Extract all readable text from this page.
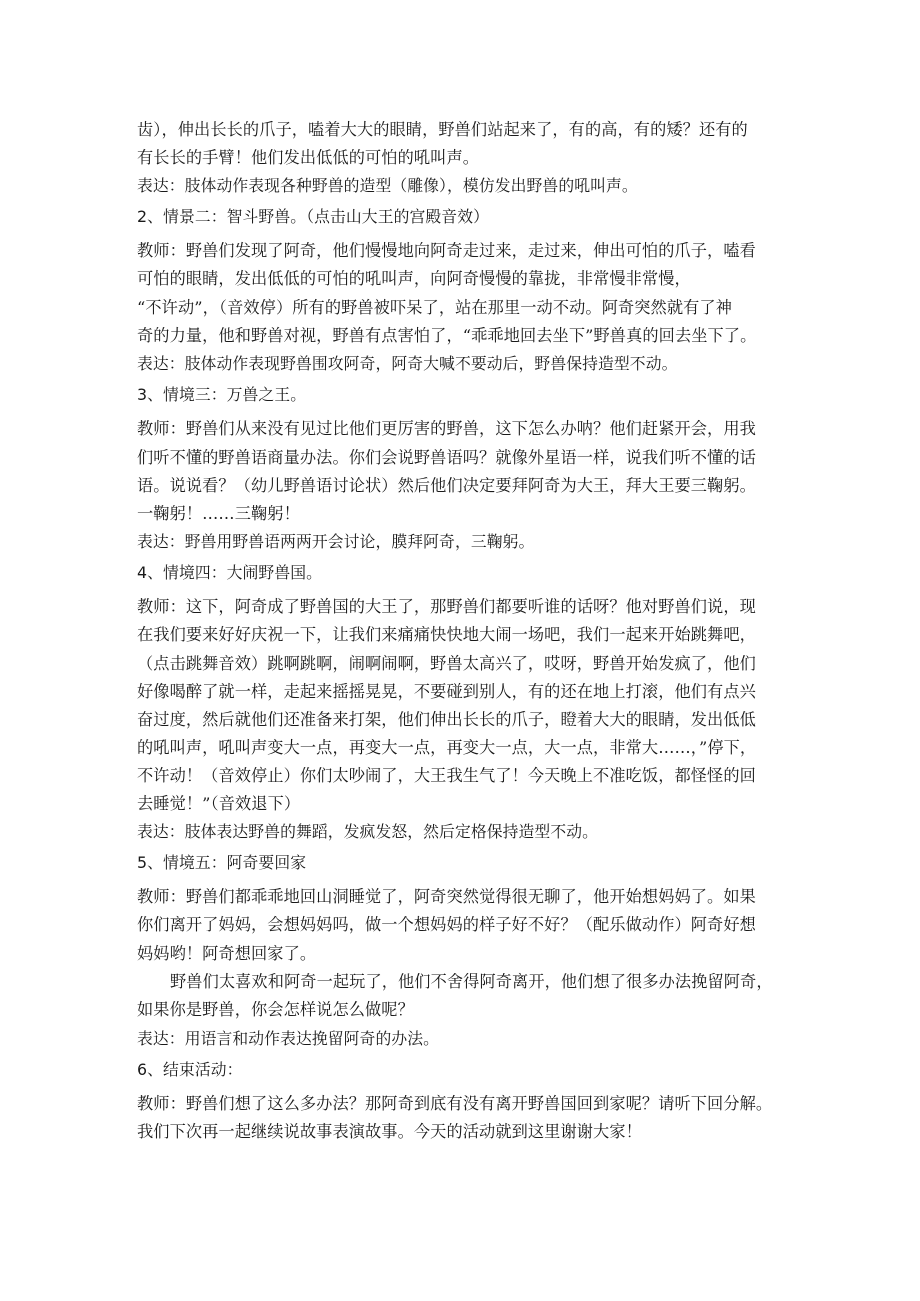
齿），伸出长长的爪子，嗑着大大的眼睛，野兽们站起来了，有的高，有的矮？还有的

有长长的手臂！他们发出低低的可怕的吼叫声。

表达：肢体动作表现各种野兽的造型（雕像），模仿发出野兽的吼叫声。

2、情景二：智斗野兽。（点击山大王的宫殿音效）

教师：野兽们发现了阿奇，他们慢慢地向阿奇走过来，走过来，伸出可怕的爪子，嗑看

可怕的眼睛，发出低低的可怕的吼叫声，向阿奇慢慢的靠拢，非常慢非常慢，

“不许动”，（音效停）所有的野兽被吓呆了，站在那里一动不动。阿奇突然就有了神

奇的力量，他和野兽对视，野兽有点害怕了，“乖乖地回去坐下”野兽真的回去坐下了。

表达：肢体动作表现野兽围攻阿奇，阿奇大喊不要动后，野兽保持造型不动。

3、情境三：万兽之王。

教师：野兽们从来没有见过比他们更厉害的野兽，这下怎么办呐？他们赶紧开会，用我

们听不懂的野兽语商量办法。你们会说野兽语吗？就像外星语一样，说我们听不懂的话

语。说说看？（幼儿野兽语讨论状）然后他们决定要拜阿奇为大王，拜大王要三鞠躬。

一鞠躬！……三鞠躬！

表达：野兽用野兽语两两开会讨论，膜拜阿奇，三鞠躬。

4、情境四：大闹野兽国。

教师：这下，阿奇成了野兽国的大王了，那野兽们都要听谁的话呀？他对野兽们说，现

在我们要来好好庆祝一下，让我们来痛痛快快地大闹一场吧，我们一起来开始跳舞吧，

（点击跳舞音效）跳啊跳啊，闹啊闹啊，野兽太高兴了，哎呀，野兽开始发疯了，他们

好像喝醉了就一样，走起来摇摇晃晃，不要碰到别人，有的还在地上打滚，他们有点兴

奋过度，然后就他们还准备来打架，他们伸出长长的爪子，瞪着大大的眼睛，发出低低

的吼叫声，吼叫声变大一点，再变大一点，再变大一点，大一点，非常大……，”停下，

不许动！（音效停止）你们太吵闹了，大王我生气了！今天晚上不准吃饭，都怪怪的回

去睡觉！”（音效退下）

表达：肢体表达野兽的舞蹈，发疯发怒，然后定格保持造型不动。

5、情境五：阿奇要回家

教师：野兽们都乖乖地回山洞睡觉了，阿奇突然觉得很无聊了，他开始想妈妈了。如果

你们离开了妈妈，会想妈妈吗，做一个想妈妈的样子好不好？（配乐做动作）阿奇好想

妈妈哟！阿奇想回家了。

野兽们太喜欢和阿奇一起玩了，他们不舍得阿奇离开，他们想了很多办法挽留阿奇，

如果你是野兽，你会怎样说怎么做呢？

表达：用语言和动作表达挽留阿奇的办法。

6、结束活动：

教师：野兽们想了这么多办法？那阿奇到底有没有离开野兽国回到家呢？请听下回分解。

我们下次再一起继续说故事表演故事。今天的活动就到这里谢谢大家！
